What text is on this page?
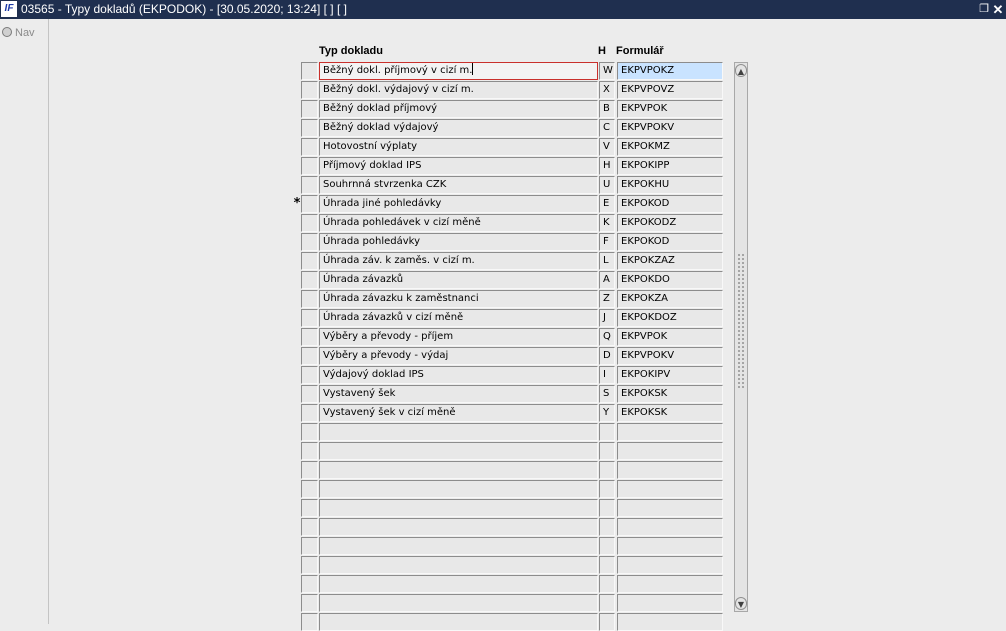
IF 03565 - Typy dokladů (EKPODOK) - [30.05.2020; 13:24] [ ] [ ]	❐ ✕
Nav
Typ dokladu	H Formulář
Běžný dokl. příjmový v cizí m.	W EKPVPOKZ
Běžný dokl. výdajový v cizí m.	X	EKPVPOVZ
Běžný doklad příjmový	B	EKPVPOK
Běžný doklad výdajový	C	EKPVPOKV
Hotovostní výplaty	V	EKPOKMZ
Příjmový doklad IPS	H	EKPOKIPP
Souhrnná stvrzenka CZK	U	EKPOKHU
*	Úhrada jiné pohledávky	E	EKPOKOD
Úhrada pohledávek v cizí měně	K	EKPOKODZ
Úhrada pohledávky	F	EKPOKOD
Úhrada záv. k zaměs. v cizí m.	L	EKPOKZAZ
Úhrada závazků	A	EKPOKDO
Úhrada závazku k zaměstnanci	Z	EKPOKZA
Úhrada závazků v cizí měně	J	EKPOKDOZ
Výběry a převody - příjem	Q	EKPVPOK
Výběry a převody - výdaj	D	EKPVPOKV
Výdajový doklad IPS	I	EKPOKIPV
Vystavený šek	S	EKPOKSK
Vystavený šek v cizí měně	Y	EKPOKSK
▲
▼
